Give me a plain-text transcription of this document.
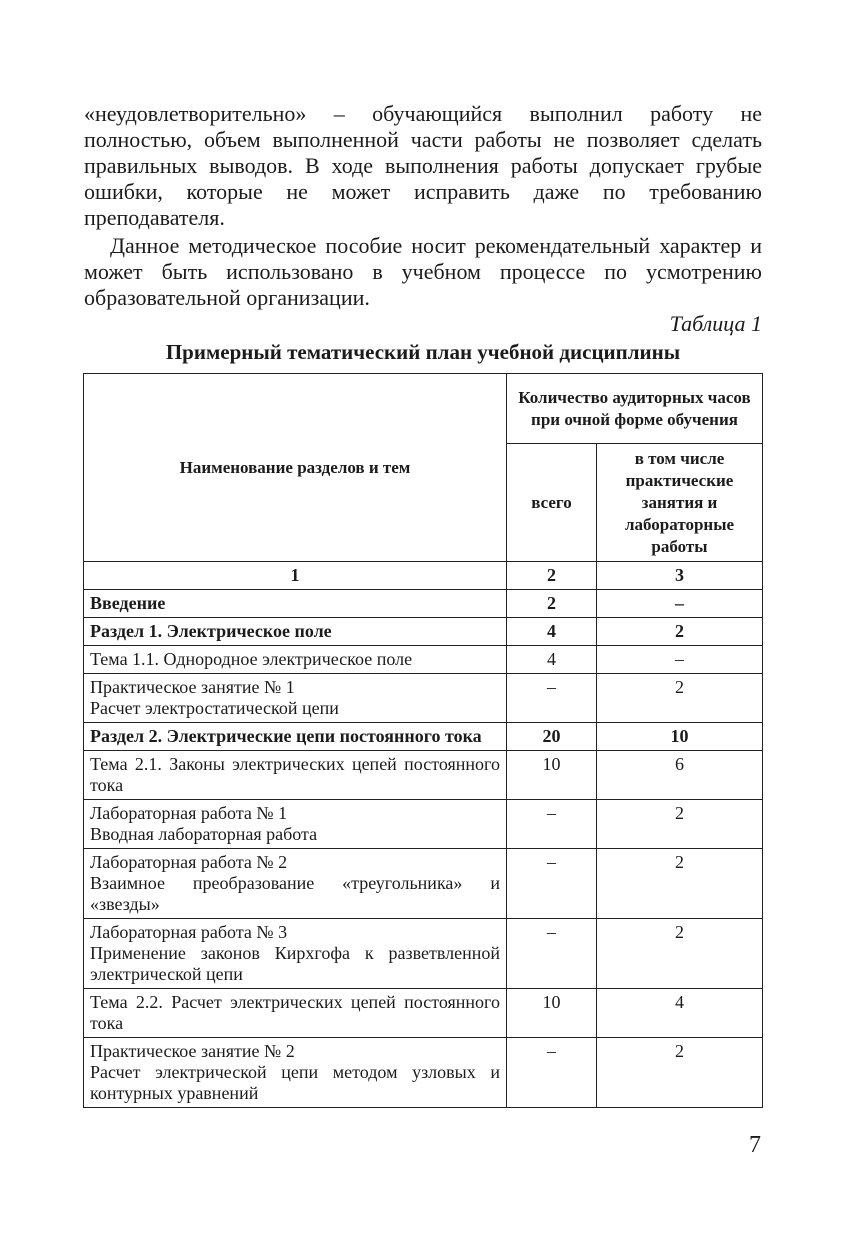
«неудовлетворительно» – обучающийся выполнил работу не полностью, объем выполненной части работы не позволяет сделать правильных выводов. В ходе выполнения работы допускает грубые ошибки, которые не может исправить даже по требованию преподавателя.

Данное методическое пособие носит рекомендательный характер и может быть использовано в учебном процессе по усмотрению образовательной организации.

Таблица 1

Примерный тематический план учебной дисциплины

Наименование разделов и тем	Количество аудиторных часов при очной форме обучения	
	всего	в том числе практические занятия и лабораторные работы
1	2	3

Введение	2	–

Раздел 1. Электрическое поле	4	2

Тема 1.1. Однородное электрическое поле	4	–

Практическое занятие № 1
Расчет электростатической цепи	–	2

Раздел 2. Электрические цепи постоянного тока	20	10

Тема 2.1. Законы электрических цепей постоянного тока	10	6

Лабораторная работа № 1
Вводная лабораторная работа	–	2

Лабораторная работа № 2
Взаимное преобразование «треугольника» и «звезды»	–	2

Лабораторная работа № 3
Применение законов Кирхгофа к разветвленной электрической цепи	–	2

Тема 2.2. Расчет электрических цепей постоянного тока	10	4

Практическое занятие № 2
Расчет электрической цепи методом узловых и контурных уравнений	–	2

7
